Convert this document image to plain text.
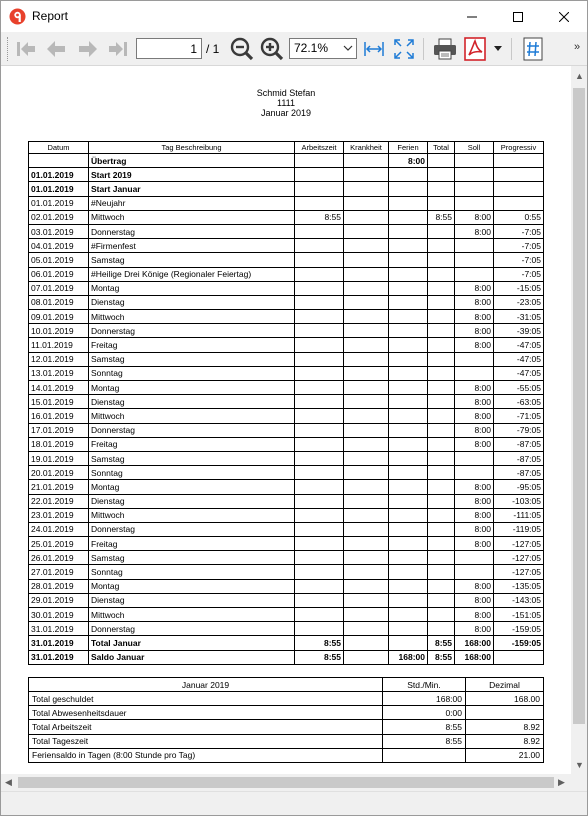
Report
1
/ 1	72.1%	»
Schmid Stefan
1111
Januar 2019
Datum	Tag Beschreibung	Arbeitszeit	Krankheit	Ferien	Total	Soll	Progressiv
	Übertrag			8:00			
01.01.2019	Start 2019						
01.01.2019	Start Januar						
01.01.2019	#Neujahr						
02.01.2019	Mittwoch	8:55			8:55	8:00	0:55
03.01.2019	Donnerstag					8:00	-7:05
04.01.2019	#Firmenfest						-7:05
05.01.2019	Samstag						-7:05
06.01.2019	#Heilige Drei Könige (Regionaler Feiertag)						-7:05
07.01.2019	Montag					8:00	-15:05
08.01.2019	Dienstag					8:00	-23:05
09.01.2019	Mittwoch					8:00	-31:05
10.01.2019	Donnerstag					8:00	-39:05
11.01.2019	Freitag					8:00	-47:05
12.01.2019	Samstag						-47:05
13.01.2019	Sonntag						-47:05
14.01.2019	Montag					8:00	-55:05
15.01.2019	Dienstag					8:00	-63:05
16.01.2019	Mittwoch					8:00	-71:05
17.01.2019	Donnerstag					8:00	-79:05
18.01.2019	Freitag					8:00	-87:05
19.01.2019	Samstag						-87:05
20.01.2019	Sonntag						-87:05
21.01.2019	Montag					8:00	-95:05
22.01.2019	Dienstag					8:00	-103:05
23.01.2019	Mittwoch					8:00	-111:05
24.01.2019	Donnerstag					8:00	-119:05
25.01.2019	Freitag					8:00	-127:05
26.01.2019	Samstag						-127:05
27.01.2019	Sonntag						-127:05
28.01.2019	Montag					8:00	-135:05
29.01.2019	Dienstag					8:00	-143:05
30.01.2019	Mittwoch					8:00	-151:05
31.01.2019	Donnerstag					8:00	-159:05
31.01.2019	Total Januar	8:55			8:55	168:00	-159:05
31.01.2019	Saldo Januar	8:55		168:00	8:55	168:00	
Januar 2019	Std./Min.	Dezimal
Total geschuldet	168:00	168.00
Total Abwesenheitsdauer	0:00	
Total Arbeitszeit	8:55	8.92
Total Tageszeit	8:55	8.92
Feriensaldo in Tagen (8:00 Stunde pro Tag)		21.00
▲
▼
◀	▶
